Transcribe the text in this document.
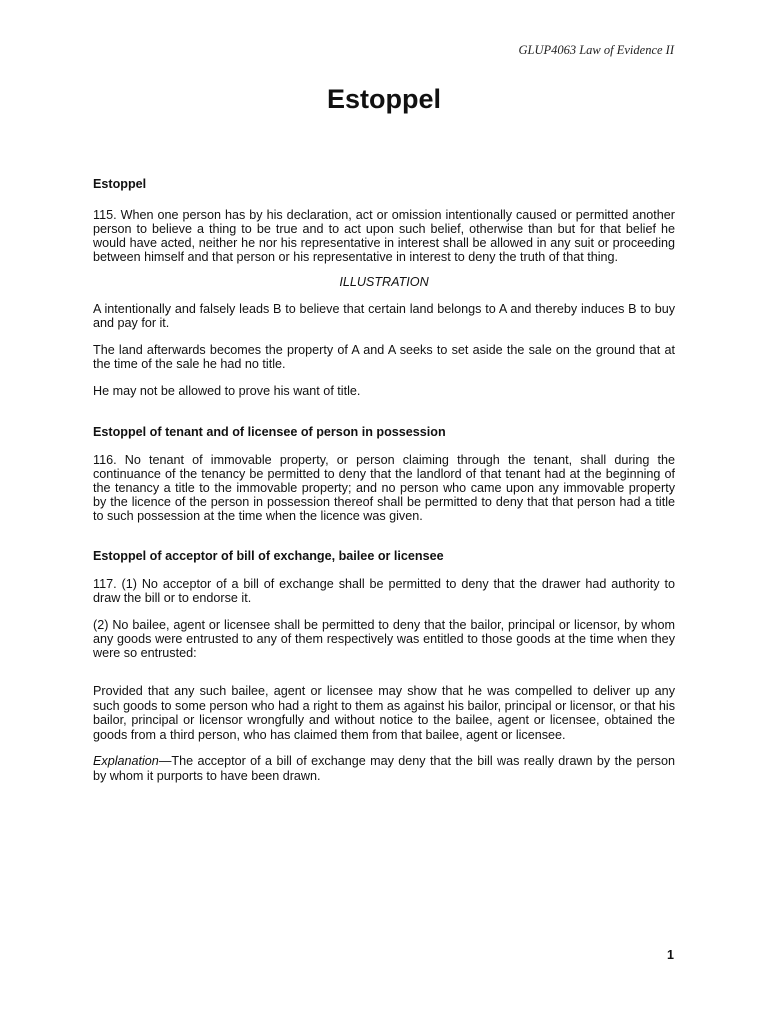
GLUP4063 Law of Evidence II
Estoppel

Estoppel

115. When one person has by his declaration, act or omission intentionally caused or permitted another person to believe a thing to be true and to act upon such belief, otherwise than but for that belief he would have acted, neither he nor his representative in interest shall be allowed in any suit or proceeding between himself and that person or his representative in interest to deny the truth of that thing.

ILLUSTRATION

A intentionally and falsely leads B to believe that certain land belongs to A and thereby induces B to buy and pay for it.

The land afterwards becomes the property of A and A seeks to set aside the sale on the ground that at the time of the sale he had no title.

He may not be allowed to prove his want of title.

Estoppel of tenant and of licensee of person in possession

116. No tenant of immovable property, or person claiming through the tenant, shall during the continuance of the tenancy be permitted to deny that the landlord of that tenant had at the beginning of the tenancy a title to the immovable property; and no person who came upon any immovable property by the licence of the person in possession thereof shall be permitted to deny that that person had a title to such possession at the time when the licence was given.

Estoppel of acceptor of bill of exchange, bailee or licensee

117. (1) No acceptor of a bill of exchange shall be permitted to deny that the drawer had authority to draw the bill or to endorse it.

(2) No bailee, agent or licensee shall be permitted to deny that the bailor, principal or licensor, by whom any goods were entrusted to any of them respectively was entitled to those goods at the time when they were so entrusted:

Provided that any such bailee, agent or licensee may show that he was compelled to deliver up any such goods to some person who had a right to them as against his bailor, principal or licensor, or that his bailor, principal or licensor wrongfully and without notice to the bailee, agent or licensee, obtained the goods from a third person, who has claimed them from that bailee, agent or licensee.

Explanation—The acceptor of a bill of exchange may deny that the bill was really drawn by the person by whom it purports to have been drawn.

1
